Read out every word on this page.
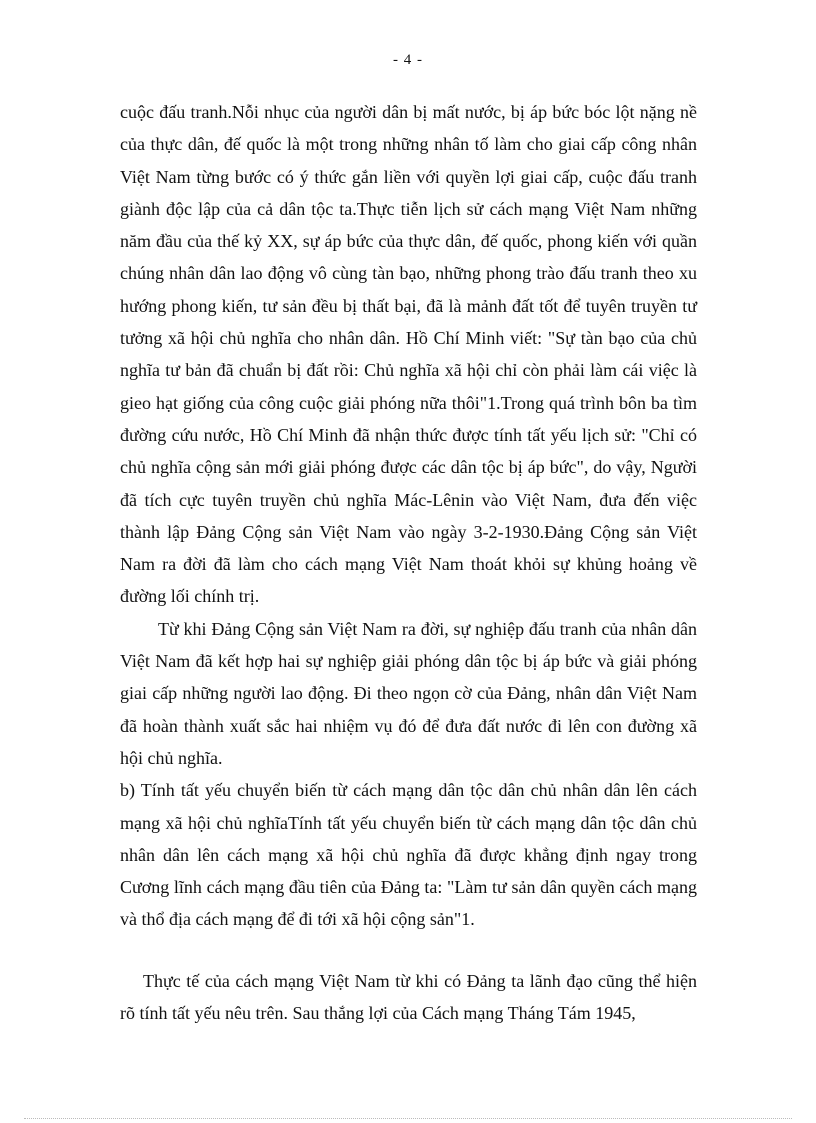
- 4 -

cuộc đấu tranh.Nỗi nhục của người dân bị mất nước, bị áp bức bóc lột nặng nề của thực dân, đế quốc là một trong những nhân tố làm cho giai cấp công nhân Việt Nam từng bước có ý thức gắn liền với quyền lợi giai cấp, cuộc đấu tranh giành độc lập của cả dân tộc ta.Thực tiễn lịch sử cách mạng Việt Nam những năm đầu của thế kỷ XX, sự áp bức của thực dân, đế quốc, phong kiến với quần chúng nhân dân lao động vô cùng tàn bạo, những phong trào đấu tranh theo xu hướng phong kiến, tư sản đều bị thất bại, đã là mảnh đất tốt để tuyên truyền tư tưởng xã hội chủ nghĩa cho nhân dân. Hồ Chí Minh viết: "Sự tàn bạo của chủ nghĩa tư bản đã chuẩn bị đất rồi: Chủ nghĩa xã hội chỉ còn phải làm cái việc là gieo hạt giống của công cuộc giải phóng nữa thôi"1.Trong quá trình bôn ba tìm đường cứu nước, Hồ Chí Minh đã nhận thức được tính tất yếu lịch sử: "Chỉ có chủ nghĩa cộng sản mới giải phóng được các dân tộc bị áp bức", do vậy, Người đã tích cực tuyên truyền chủ nghĩa Mác-Lênin vào Việt Nam, đưa đến việc thành lập Đảng Cộng sản Việt Nam vào ngày 3-2-1930.Đảng Cộng sản Việt Nam ra đời đã làm cho cách mạng Việt Nam thoát khỏi sự khủng hoảng về đường lối chính trị.

Từ khi Đảng Cộng sản Việt Nam ra đời, sự nghiệp đấu tranh của nhân dân Việt Nam đã kết hợp hai sự nghiệp giải phóng dân tộc bị áp bức và giải phóng giai cấp những người lao động. Đi theo ngọn cờ của Đảng, nhân dân Việt Nam đã hoàn thành xuất sắc hai nhiệm vụ đó để đưa đất nước đi lên con đường xã hội chủ nghĩa.

b) Tính tất yếu chuyển biến từ cách mạng dân tộc dân chủ nhân dân lên cách mạng xã hội chủ nghĩaTính tất yếu chuyển biến từ cách mạng dân tộc dân chủ nhân dân lên cách mạng xã hội chủ nghĩa đã được khẳng định ngay trong Cương lĩnh cách mạng đầu tiên của Đảng ta: "Làm tư sản dân quyền cách mạng và thổ địa cách mạng để đi tới xã hội cộng sản"1.

Thực tế của cách mạng Việt Nam từ khi có Đảng ta lãnh đạo cũng thể hiện rõ tính tất yếu nêu trên. Sau thắng lợi của Cách mạng Tháng Tám 1945,
